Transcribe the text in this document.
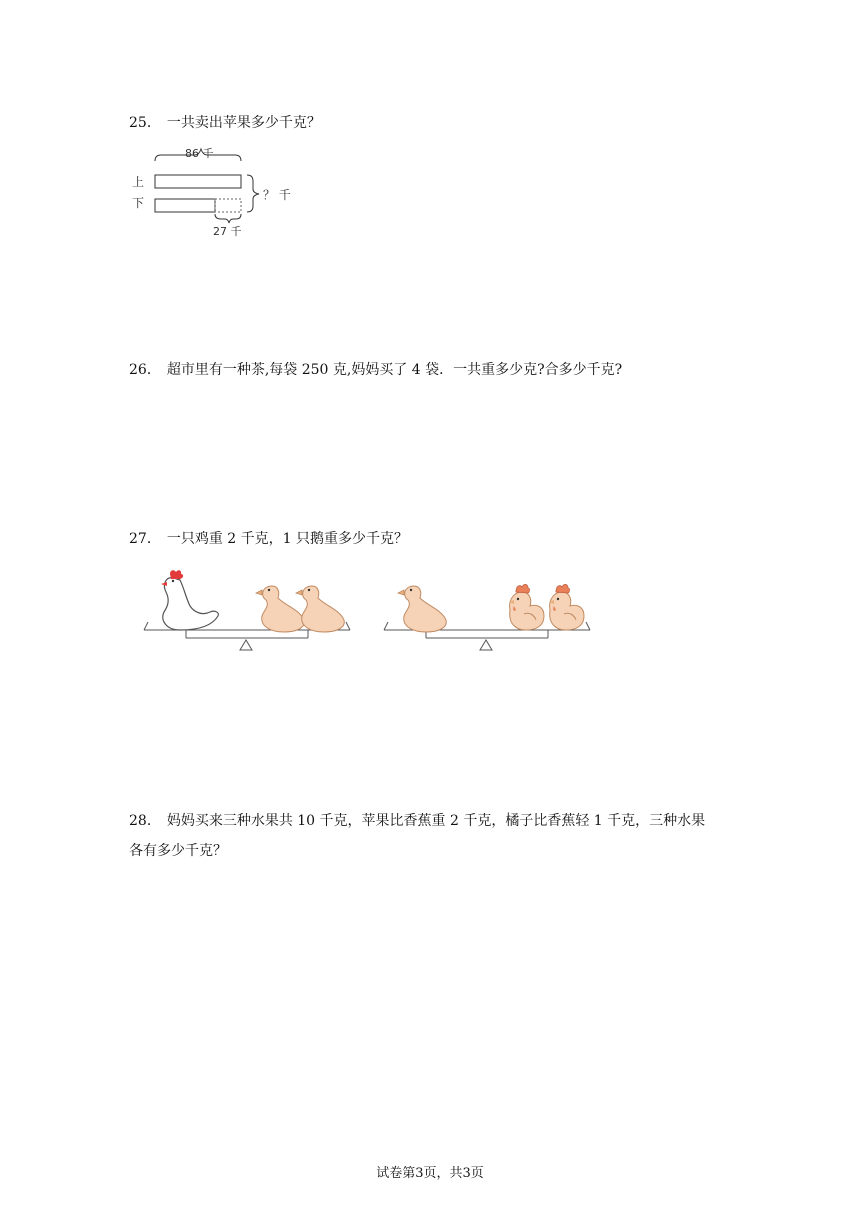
25． 一共卖出苹果多少千克？
86 千
上
下
？ 千
27 千
26． 超市里有一种茶,每袋 250 克,妈妈买了 4 袋．一共重多少克?合多少千克?
27． 一只鸡重 2 千克，1 只鹅重多少千克？
28． 妈妈买来三种水果共 10 千克，苹果比香蕉重 2 千克，橘子比香蕉轻 1 千克，三种水果
各有多少千克？
试卷第3页，共3页
